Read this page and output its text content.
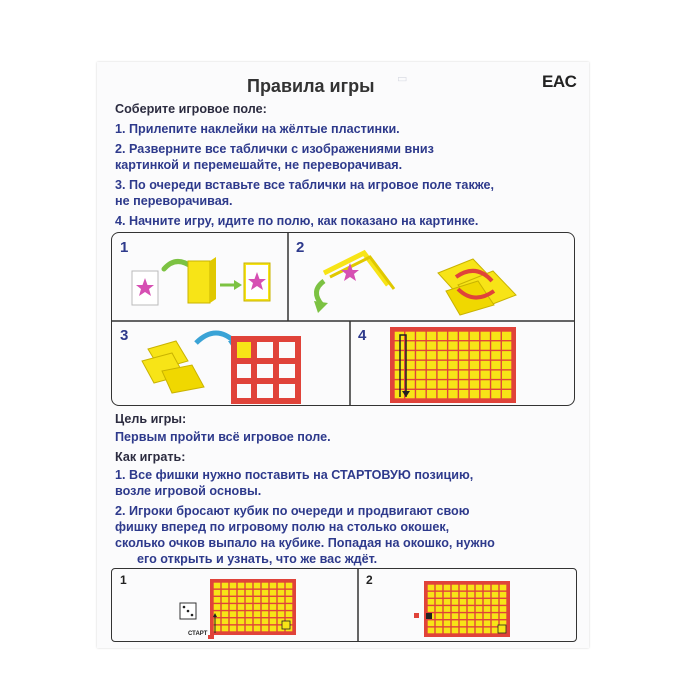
▭	EAC
Правила игры
Соберите игровое поле:
1. Прилепите наклейки на жёлтые пластинки.
2. Разверните все таблички с изображениями вниз
картинкой и перемешайте, не переворачивая.
3. По очереди вставьте все таблички на игровое поле также,
не переворачивая.
4. Начните игру, идите по полю, как показано на картинке.
1	2
3	4
Цель игры:
Первым пройти всё игровое поле.
Как играть:
1. Все фишки нужно поставить на СТАРТОВУЮ позицию,
возле игровой основы.
2. Игроки бросают кубик по очереди и продвигают свою
фишку вперед по игровому полю на столько окошек,
сколько очков выпало на кубике. Попадая на окошко, нужно
его открыть и узнать, что же вас ждёт.
1	2
СТАРТ
